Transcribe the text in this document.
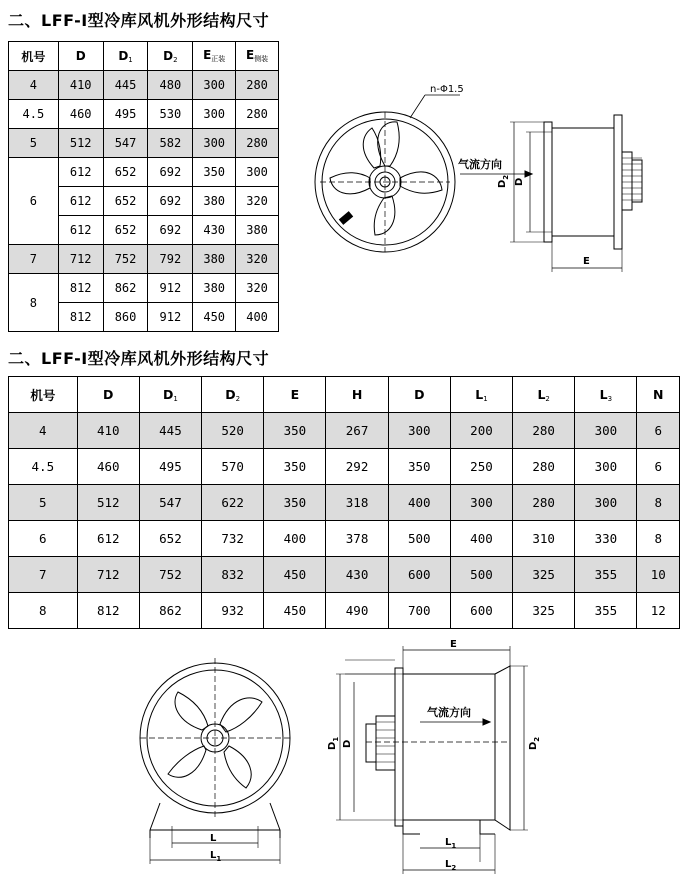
二、LFF-Ⅰ型冷库风机外形结构尺寸
机号	D	$D_1$	$D_2$	$E_{正装}$	$E_{侧装}$
4	410	445	480	300	280
4.5	460	495	530	300	280
5	512	547	582	300	280
6	612	652	692	350	300
	612	652	692	380	320
	612	652	692	430	380
7	712	752	792	380	320
8	812	862	912	380	320
	812	860	912	450	400
n-Φ1.5
气流方向
$D_2$
D
E
二、LFF-Ⅰ型冷库风机外形结构尺寸
机号	D	$D_1$	$D_2$	E	H	D	$L_1$	$L_2$	$L_3$	N
4	410	445	520	350	267	300	200	280	300	6
4.5	460	495	570	350	292	350	250	280	300	6
5	512	547	622	350	318	400	300	280	300	8
6	612	652	732	400	378	500	400	310	330	8
7	712	752	832	450	430	600	500	325	355	10
8	812	862	932	450	490	700	600	325	355	12
L
$L_1$
E
气流方向
$D_1$
D	$D_2$
$L_1$
$L_2$
